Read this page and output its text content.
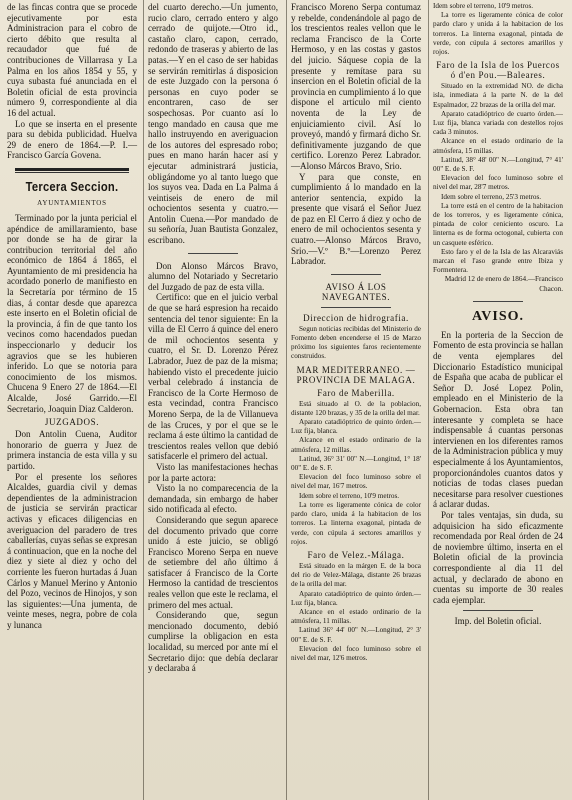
de las fincas contra que se procede ejecutivamente por esta Administracion para el cobro de cierto débito que resulta al recaudador que fué de contribuciones de Villarrasa y La Palma en los años 1854 y 55, y cuya subasta fué anunciada en el Boletin oficial de esta provincia número 9, correspondiente al dia 16 del actual.

Lo que se inserta en el presente para su debida publicidad. Huelva 29 de enero de 1864.—P. I.—Francisco García Govena.

Tercera Seccion.
AYUNTAMIENTOS

Terminado por la junta pericial el apéndice de amillaramiento, base por donde se ha de girar la contribucion territorial del año económico de 1864 á 1865, el Ayuntamiento de mi presidencia ha acordado ponerlo de manifiesto en la Secretaría por término de 15 dias, á contar desde que aparezca este inserto en el Boletin oficial de la provincia, á fin de que tanto los vecinos como hacendados puedan inspeccionarlo y deducir los agravios que se les hubieren inferido. Lo que se notoria para conocimiento de los mismos. Chucena 9 Enero 27 de 1864.—El Alcalde, José Garrido.—El Secretario, Joaquin Diaz Calderon.

JUZGADOS.

Don Antolin Cuena, Auditor honorario de guerra y Juez de primera instancia de esta villa y su partido.

Por el presente los señores Alcaldes, guardia civil y demas dependientes de la administracion de justicia se servirán practicar activas y eficaces diligencias en averiguacion del paradero de tres caballerías, cuyas señas se expresan á continuacion, que en la noche del diez y siete al diez y ocho del corriente les fueron hurtadas á Juan Cárlos y Manuel Merino y Antonio del Pozo, vecinos de Hinojos, y son las siguientes:—Una jumenta, de veinte meses, negra, pobre de cola y lunanca

del cuarto derecho.—Un jumento, rucio claro, cerrado entero y algo cerrado de quijote.—Otro id., castaño claro, capon, cerrado, redondo de traseras y abierto de las patas.—Y en el caso de ser habidas se servirán remitirlas á disposicion de este Juzgado con la persona ó personas en cuyo poder se encontraren, caso de ser sospechosas. Por cuanto así lo tengo mandado en causa que me hallo instruyendo en averiguacion de los autores del espresado robo; pues en mano harán hacer así y ejecutar administrará justicia, obligándome yo al tanto luego que los suyos vea. Dada en La Palma á veintiseis de enero de mil ochocientos sesenta y cuatro.—Antolin Cuena.—Por mandado de su señoría, Juan Bautista Gonzalez, escribano.

Don Alonso Márcos Bravo, alumno del Notariado y Secretario del Juzgado de paz de esta villa.

Certifico: que en el juicio verbal de que se hará espresion ha recaido sentencia del tenor siguiente: En la villa de El Cerro á quince del enero de mil ochocientos sesenta y cuatro, el Sr. D. Lorenzo Pérez Labrador, Juez de paz de la misma; habiendo visto el precedente juicio verbal celebrado á instancia de Francisco de la Corte Hermoso de esta vecindad, contra Francisco Moreno Serpa, de la de Villanueva de las Cruces, y por el que se le reclama á este último la cantidad de trescientos reales vellon que debió satisfacerle el primero del actual.

Visto las manifestaciones hechas por la parte actora:

Visto la no comparecencia de la demandada, sin embargo de haber sido notificada al efecto.

Considerando que segun aparece del documento privado que corre unido á este juicio, se obligó Francisco Moreno Serpa en nueve de setiembre del año último á satisfacer á Francisco de la Corte Hermoso la cantidad de trescientos reales vellon que este le reclama, el primero del mes actual.

Considerando que, segun mencionado documento, debió cumplirse la obligacion en esta localidad, su merced por ante mí el Secretario dijo: que debía declarar y declaraba á

Francisco Moreno Serpa contumaz y rebelde, condenándole al pago de los trescientos reales vellon que le reclama Francisco de la Corte Hermoso, y en las costas y gastos del juicio. Sáquese copia de la presente y remítase para su insercion en el Boletin oficial de la provincia en cumplimiento á lo que dispone el artículo mil ciento noventa de la Ley de enjuiciamiento civil. Así lo proveyó, mandó y firmará dicho Sr. definitivamente juzgando de que certifico. Lorenzo Perez Labrador.—Alonso Márcos Bravo, Srio.

Y para que conste, en cumplimiento á lo mandado en la anterior sentencia, expido la presente que visará el Señor Juez de paz en El Cerro á diez y ocho de enero de mil ochocientos sesenta y cuatro.—Alonso Márcos Bravo, Srio.—V.º B.º—Lorenzo Perez Labrador.

AVISO Á LOS NAVEGANTES.
Direccion de hidrografia.

Segun noticias recibidas del Ministerio de Fomento deben encenderse el 15 de Marzo próximo los siguientes faros recientemente construidos.

MAR MEDITERRANEO. —PROVINCIA DE MALAGA.
Faro de Maberilla.

Está situado al O. de la poblacion, distante 120 brazas, y 35 de la orilla del mar.

Aparato catadióptrico de quinto órden.—Luz fija, blanca.

Alcance en el estado ordinario de la atmósfera, 12 millas.

Latitud, 36° 31' 00" N.—Longitud, 1° 18' 00" E. de S. F.

Elevacion del foco luminoso sobre el nivel del mar, 16'7 metros.

Idem sobre el terreno, 10'9 metros.

La torre es ligeramente cónica de color pardo claro, unida á la habitacion de los torreros. La linterna exagonal, pintada de verde, con cúpula á sectores amarillos y rojos.

Faro de Velez.-Málaga.

Está situado en la márgen E. de la boca del rio de Velez-Málaga, distante 26 brazas de la orilla del mar.

Aparato catadióptrico de quinto órden.—Luz fija, blanca.

Alcance en el estado ordinario de la atmósfera, 11 millas.

Latitud 36° 44' 00" N.—Longitud, 2° 3' 00" E. de S. F.

Elevacion del foco luminoso sobre el nivel del mar, 12'6 metros.

Idem sobre el terreno, 10'9 metros.

La torre es ligeramente cónica de color pardo claro y unida á la habitacion de los torreros. La linterna exagonal, pintada de verde, con cúpula á sectores amarillos y rojos.

Faro de la Isla de los Puercos ó d'en Pou.—Baleares.

Situado en la extremidad NO. de dicha isla, inmediata á la parte N. de la del Espalmador, 22 brazas de la orilla del mar.

Aparato catadióptrico de cuarto órden.—Luz fija, blanca variada con destellos rojos cada 3 minutos.

Alcance en el estado ordinario de la atmósfera, 15 millas.

Latitud, 38° 48' 00" N.—Longitud, 7° 41' 00" E. de S. F.

Elevacion del foco luminoso sobre el nivel del mar, 28'7 metros.

Idem sobre el terreno, 25'3 metros.

La torre está en el centro de la habitacion de los torreros, y es ligeramente cónica, pintada de color ceniciento oscuro. La linterna es de forma octogonal, cubierta con un casquete esférico.

Esto faro y el de la Isla de las Alcaraviás marcan el l'aso grande entre Ibiza y Formentera.

Madrid 12 de enero de 1864.—Francisco Chacon.

AVISO.

En la porteria de la Seccion de Fomento de esta provincia se hallan de venta ejemplares del Diccionario Estadístico municipal de España que acaba de publicar el Señor D. José Lopez Polin, empleado en el Ministerio de la Gobernacion. Esta obra tan interesante y completa se hace indispensable á cuantas personas intervienen en los diferentes ramos de la Administracion pública y muy especialmente á los Ayuntamientos, proporcionándoles cuantos datos y noticias de todas clases puedan necesitarse para resolver cuestiones á aclarar dudas.

Por tales ventajas, sin duda, su adquisicion ha sido eficazmente recomendada por Real órden de 24 de noviembre último, inserta en el Boletin oficial de la provincia correspondiente al dia 11 del actual, y declarado de abono en cuentas su importe de 30 reales cada ejemplar.

Imp. del Boletin oficial.
